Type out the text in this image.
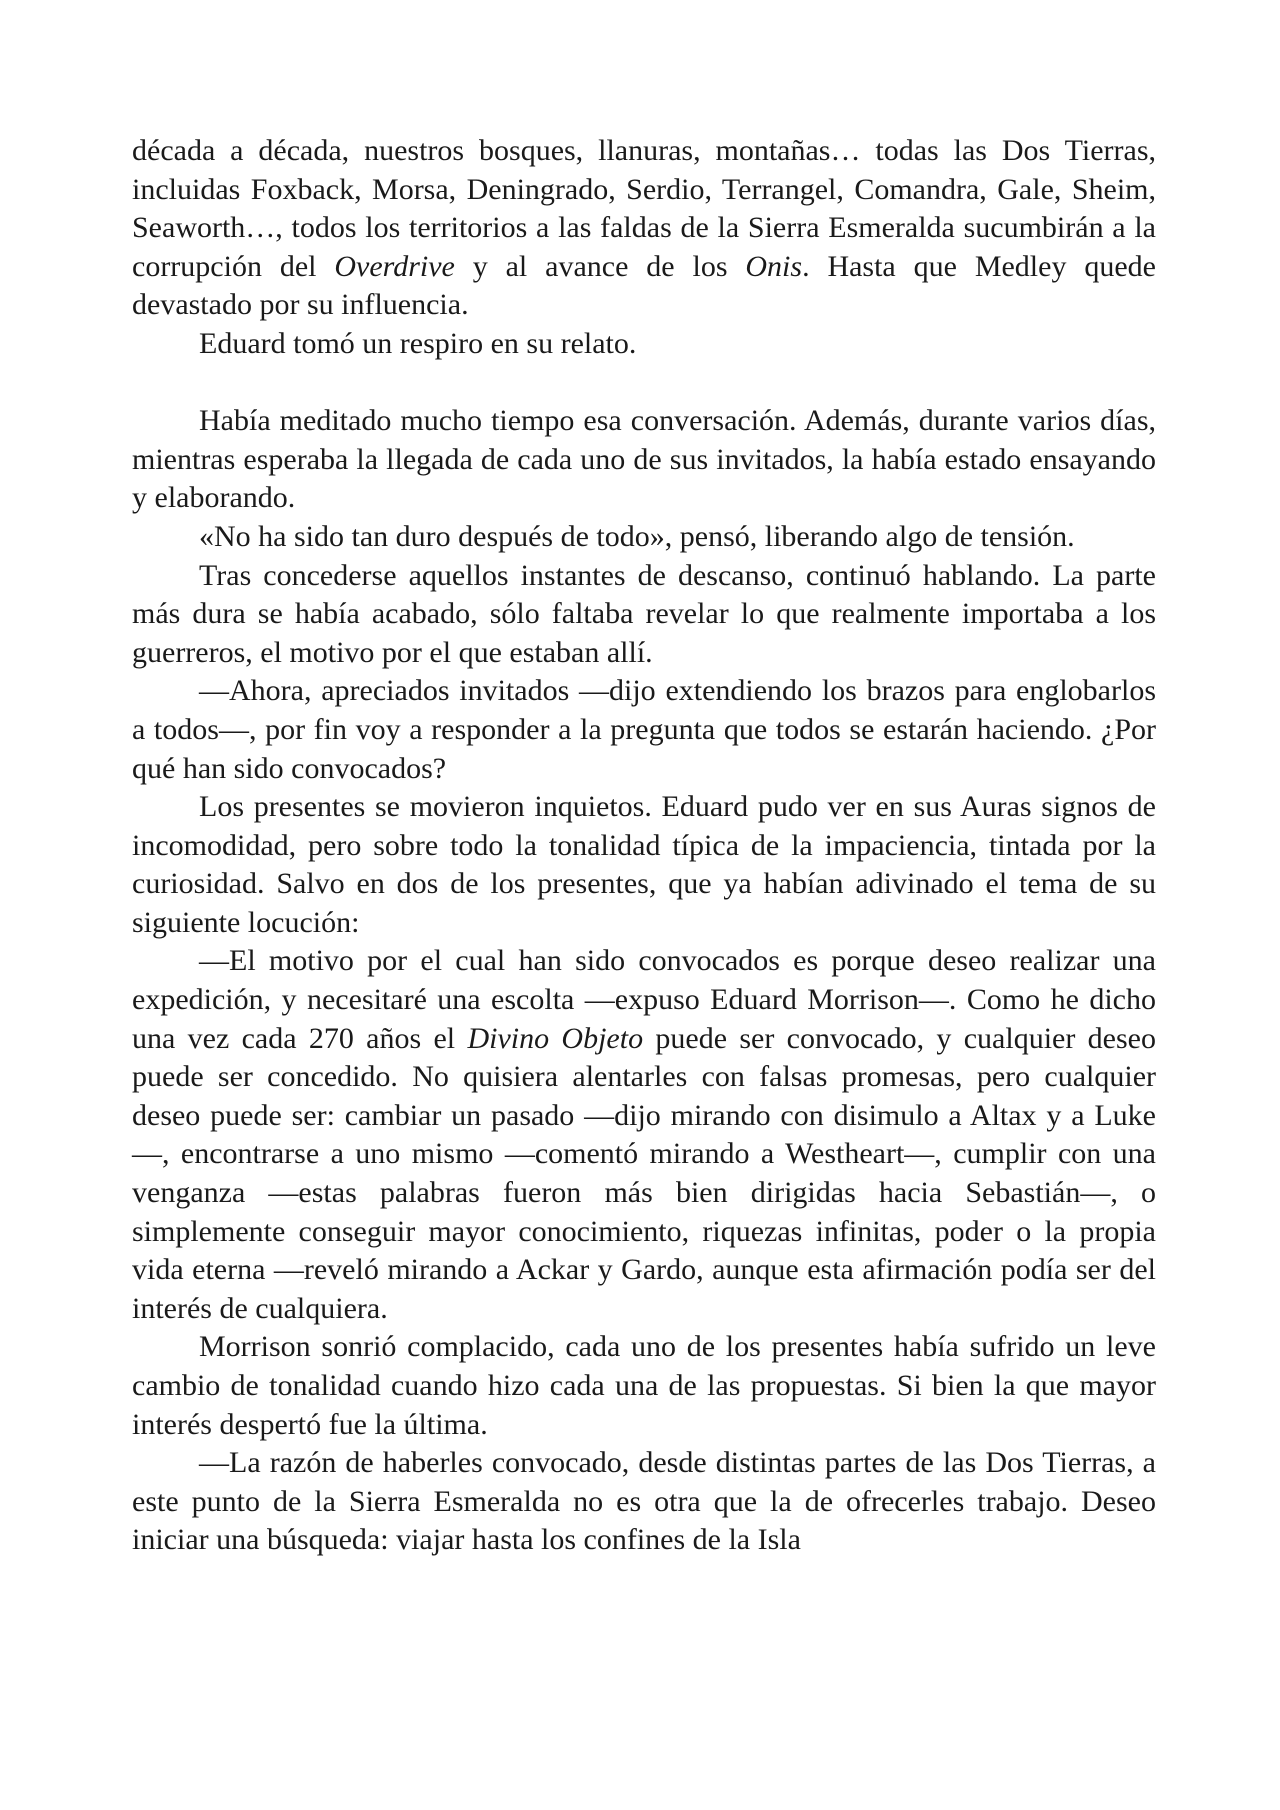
década a década, nuestros bosques, llanuras, montañas… todas las Dos Tierras, incluidas Foxback, Morsa, Deningrado, Serdio, Terrangel, Comandra, Gale, Sheim, Seaworth…, todos los territorios a las faldas de la Sierra Esmeralda sucumbirán a la corrupción del Overdrive y al avance de los Onis. Hasta que Medley quede devastado por su influencia.

Eduard tomó un respiro en su relato.

Había meditado mucho tiempo esa conversación. Además, durante varios días, mientras esperaba la llegada de cada uno de sus invitados, la había estado ensayando y elaborando.

«No ha sido tan duro después de todo», pensó, liberando algo de tensión.

Tras concederse aquellos instantes de descanso, continuó hablando. La parte más dura se había acabado, sólo faltaba revelar lo que realmente importaba a los guerreros, el motivo por el que estaban allí.

—Ahora, apreciados invitados —dijo extendiendo los brazos para englobarlos a todos—, por fin voy a responder a la pregunta que todos se estarán haciendo. ¿Por qué han sido convocados?

Los presentes se movieron inquietos. Eduard pudo ver en sus Auras signos de incomodidad, pero sobre todo la tonalidad típica de la impaciencia, tintada por la curiosidad. Salvo en dos de los presentes, que ya habían adivinado el tema de su siguiente locución:

—El motivo por el cual han sido convocados es porque deseo realizar una expedición, y necesitaré una escolta —expuso Eduard Morrison—. Como he dicho una vez cada 270 años el Divino Objeto puede ser convocado, y cualquier deseo puede ser concedido. No quisiera alentarles con falsas promesas, pero cualquier deseo puede ser: cambiar un pasado —dijo mirando con disimulo a Altax y a Luke—, encontrarse a uno mismo —comentó mirando a Westheart—, cumplir con una venganza —estas palabras fueron más bien dirigidas hacia Sebastián—, o simplemente conseguir mayor conocimiento, riquezas infinitas, poder o la propia vida eterna —reveló mirando a Ackar y Gardo, aunque esta afirmación podía ser del interés de cualquiera.

Morrison sonrió complacido, cada uno de los presentes había sufrido un leve cambio de tonalidad cuando hizo cada una de las propuestas. Si bien la que mayor interés despertó fue la última.

—La razón de haberles convocado, desde distintas partes de las Dos Tierras, a este punto de la Sierra Esmeralda no es otra que la de ofrecerles trabajo. Deseo iniciar una búsqueda: viajar hasta los confines de la Isla
